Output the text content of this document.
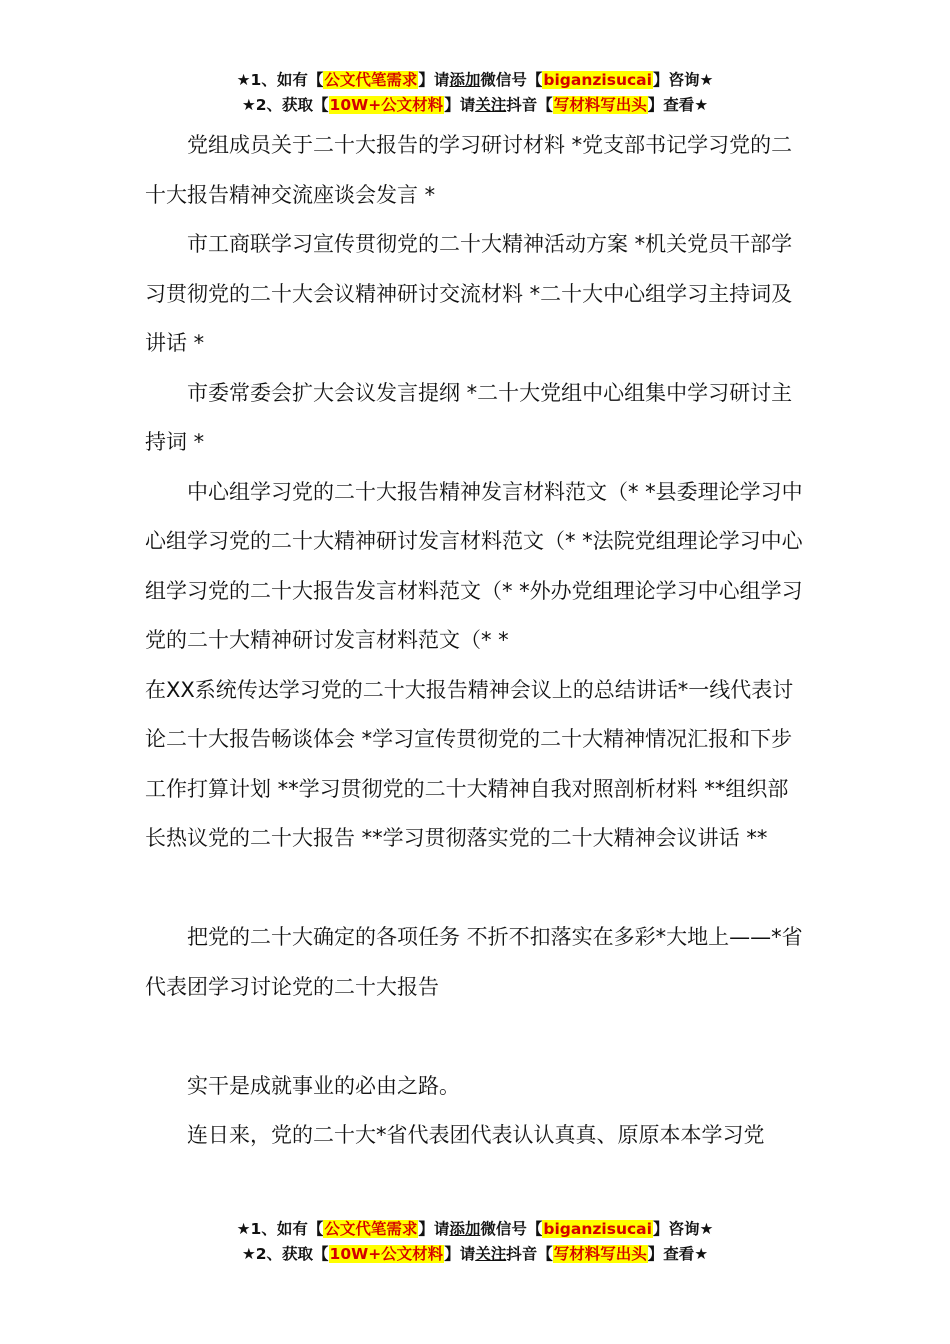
★1、如有【公文代笔需求】请添加微信号【biganzisucai】咨询★
★2、获取【10W+公文材料】请关注抖音【写材料写出头】查看★

党组成员关于二十大报告的学习研讨材料 *党支部书记学习党的二十大报告精神交流座谈会发言 *

市工商联学习宣传贯彻党的二十大精神活动方案 *机关党员干部学习贯彻党的二十大会议精神研讨交流材料 *二十大中心组学习主持词及讲话 *

市委常委会扩大会议发言提纲 *二十大党组中心组集中学习研讨主持词 *

中心组学习党的二十大报告精神发言材料范文（* *县委理论学习中心组学习党的二十大精神研讨发言材料范文（* *法院党组理论学习中心组学习党的二十大报告发言材料范文（* *外办党组理论学习中心组学习党的二十大精神研讨发言材料范文（* *

在XX系统传达学习党的二十大报告精神会议上的总结讲话*一线代表讨论二十大报告畅谈体会 *学习宣传贯彻党的二十大精神情况汇报和下步工作打算计划 **学习贯彻党的二十大精神自我对照剖析材料 **组织部长热议党的二十大报告 **学习贯彻落实党的二十大精神会议讲话 **

把党的二十大确定的各项任务 不折不扣落实在多彩*大地上——*省代表团学习讨论党的二十大报告

实干是成就事业的必由之路。

连日来，党的二十大*省代表团代表认认真真、原原本本学习党

★1、如有【公文代笔需求】请添加微信号【biganzisucai】咨询★
★2、获取【10W+公文材料】请关注抖音【写材料写出头】查看★
